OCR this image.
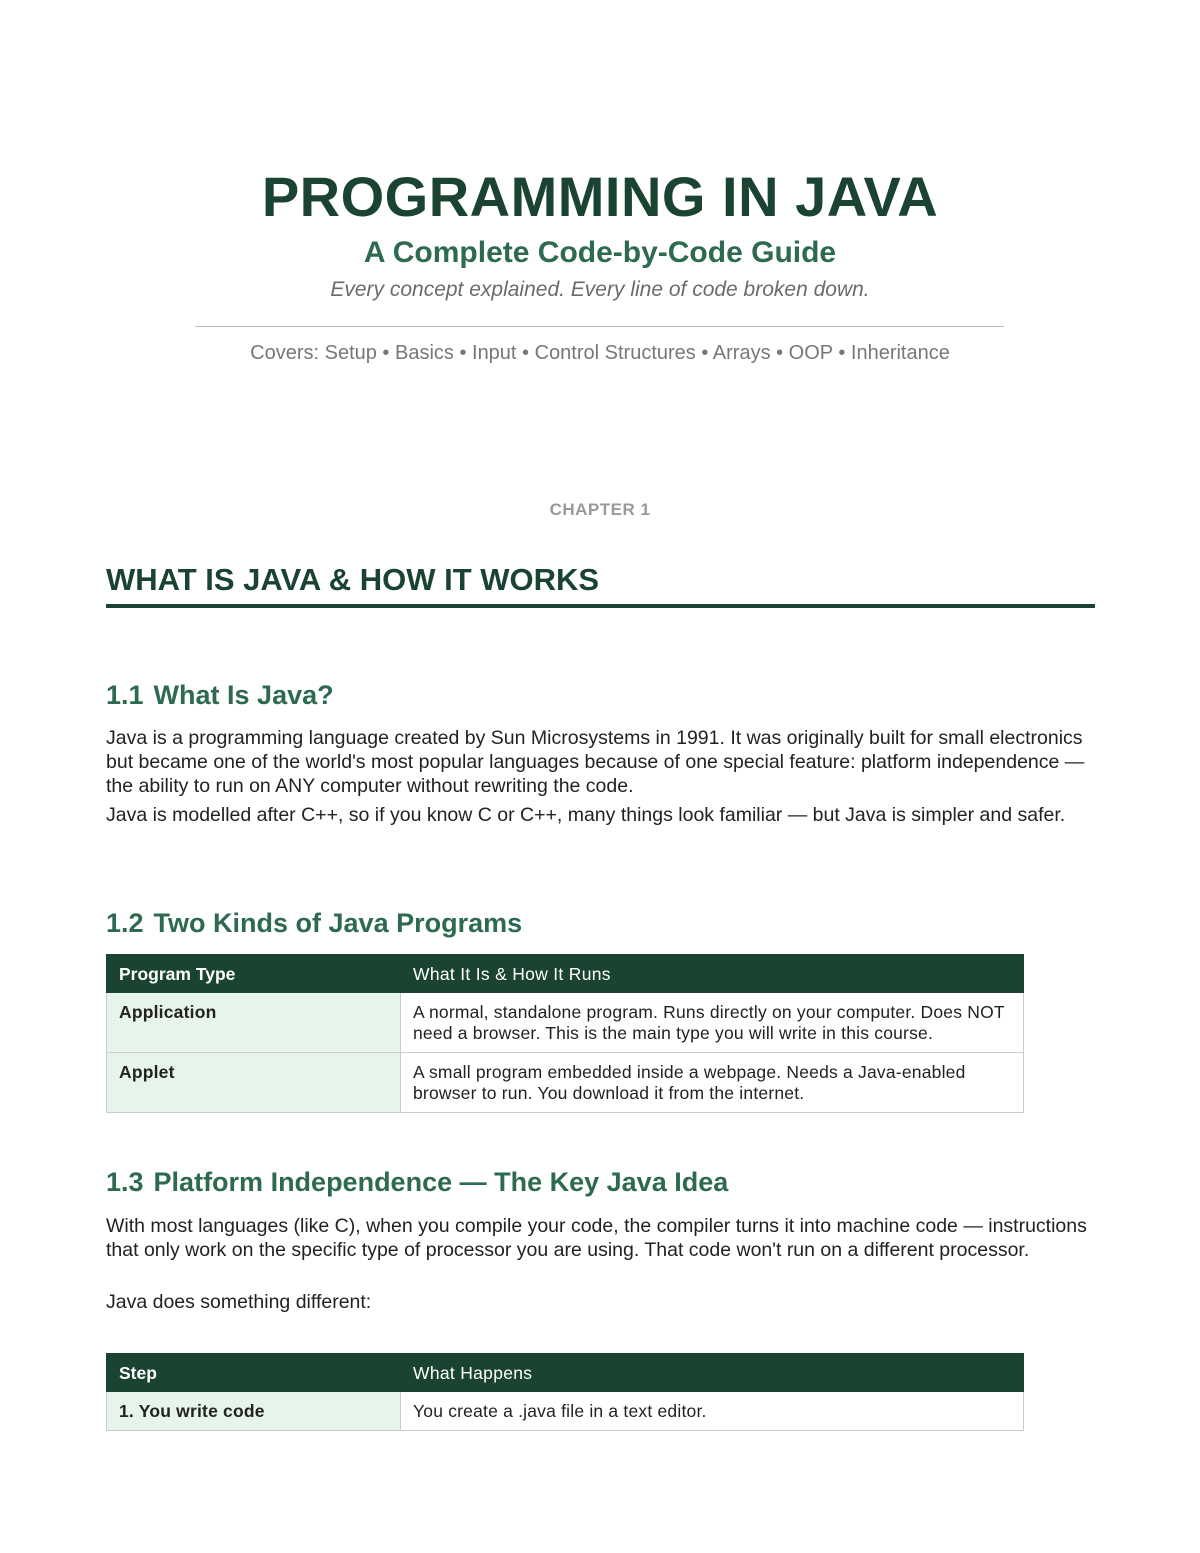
PROGRAMMING IN JAVA
A Complete Code-by-Code Guide

Every concept explained. Every line of code broken down.

Covers: Setup • Basics • Input • Control Structures • Arrays • OOP • Inheritance

CHAPTER 1

WHAT IS JAVA & HOW IT WORKS
1.1 What Is Java?

Java is a programming language created by Sun Microsystems in 1991. It was originally built for small electronics but became one of the world's most popular languages because of one special feature: platform independence — the ability to run on ANY computer without rewriting the code.

Java is modelled after C++, so if you know C or C++, many things look familiar — but Java is simpler and safer.

1.2 Two Kinds of Java Programs
Program Type	What It Is & How It Runs
Application	A normal, standalone program. Runs directly on your computer. Does NOT need a browser. This is the main type you will write in this course.
Applet	A small program embedded inside a webpage. Needs a Java-enabled browser to run. You download it from the internet.
1.3 Platform Independence — The Key Java Idea

With most languages (like C), when you compile your code, the compiler turns it into machine code — instructions that only work on the specific type of processor you are using. That code won't run on a different processor.

Java does something different:

Step	What Happens
1. You write code	You create a .java file in a text editor.
